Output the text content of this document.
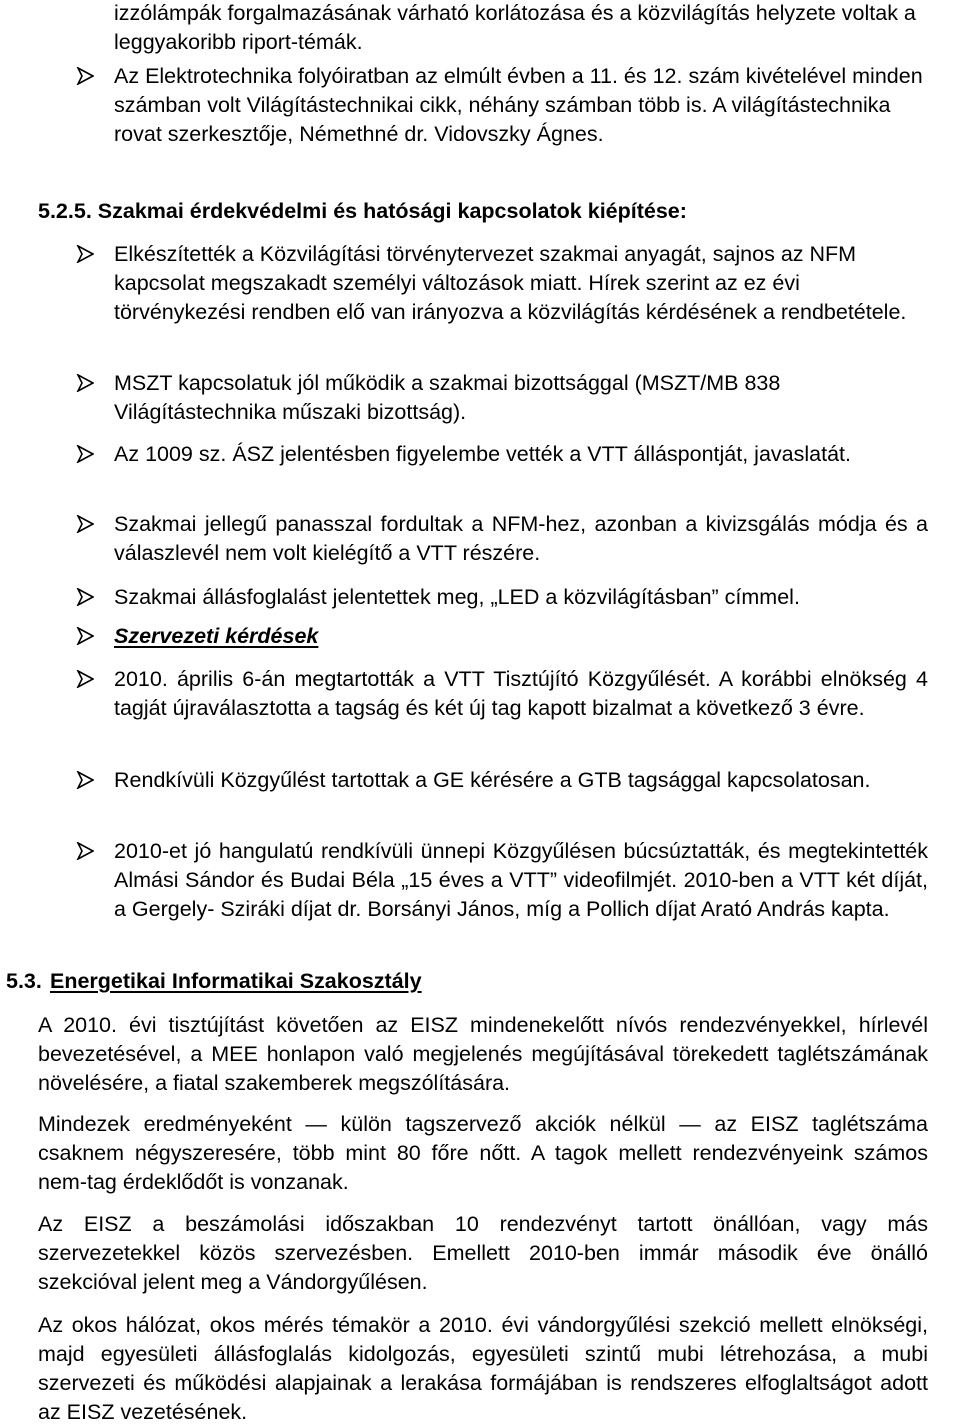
izzólámpák forgalmazásának várható korlátozása és a közvilágítás helyzete voltak a leggyakoribb riport-témák.

Az Elektrotechnika folyóiratban az elmúlt évben a 11. és 12. szám kivételével minden számban volt Világítástechnikai cikk, néhány számban több is. A világítástechnika rovat szerkesztője, Némethné dr. Vidovszky Ágnes.

5.2.5. Szakmai érdekvédelmi és hatósági kapcsolatok kiépítése:

Elkészítették a Közvilágítási törvénytervezet szakmai anyagát, sajnos az NFM kapcsolat megszakadt személyi változások miatt. Hírek szerint az ez évi törvénykezési rendben elő van irányozva a közvilágítás kérdésének a rendbetétele.
MSZT kapcsolatuk jól működik a szakmai bizottsággal (MSZT/MB 838 Világítástechnika műszaki bizottság).
Az 1009 sz. ÁSZ jelentésben figyelembe vették a VTT álláspontját, javaslatát.
Szakmai jellegű panasszal fordultak a NFM-hez, azonban a kivizsgálás módja és a válaszlevél nem volt kielégítő a VTT részére.
Szakmai állásfoglalást jelentettek meg, „LED a közvilágításban” címmel.
Szervezeti kérdések
2010. április 6-án megtartották a VTT Tisztújító Közgyűlését. A korábbi elnökség 4 tagját újraválasztotta a tagság és két új tag kapott bizalmat a következő 3 évre.
Rendkívüli Közgyűlést tartottak a GE kérésére a GTB tagsággal kapcsolatosan.
2010-et jó hangulatú rendkívüli ünnepi Közgyűlésen búcsúztatták, és megtekintették Almási Sándor és Budai Béla „15 éves a VTT” videofilmjét. 2010-ben a VTT két díját, a Gergely- Sziráki díjat dr. Borsányi János, míg a Pollich díjat Arató András kapta.

5.3. Energetikai Informatikai Szakosztály

A 2010. évi tisztújítást követően az EISZ mindenekelőtt nívós rendezvényekkel, hírlevél bevezetésével, a MEE honlapon való megjelenés megújításával törekedett taglétszámának növelésére, a fiatal szakemberek megszólítására.

Mindezek eredményeként — külön tagszervező akciók nélkül — az EISZ taglétszáma csaknem négyszeresére, több mint 80 főre nőtt. A tagok mellett rendezvényeink számos nem-tag érdeklődőt is vonzanak.

Az EISZ a beszámolási időszakban 10 rendezvényt tartott önállóan, vagy más szervezetekkel közös szervezésben. Emellett 2010-ben immár második éve önálló szekcióval jelent meg a Vándorgyűlésen.

Az okos hálózat, okos mérés témakör a 2010. évi vándorgyűlési szekció mellett elnökségi, majd egyesületi állásfoglalás kidolgozás, egyesületi szintű mubi létrehozása, a mubi szervezeti és működési alapjainak a lerakása formájában is rendszeres elfoglaltságot adott az EISZ vezetésének.
